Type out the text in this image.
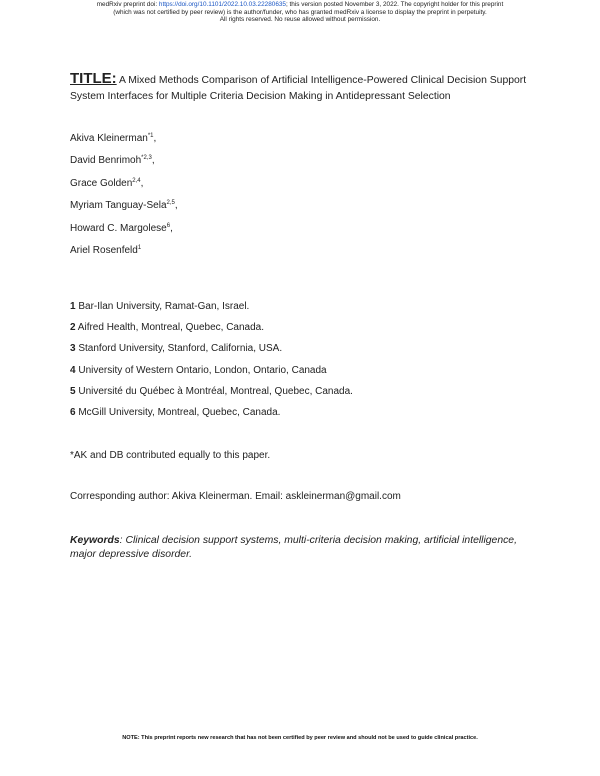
medRxiv preprint doi: https://doi.org/10.1101/2022.10.03.22280635; this version posted November 3, 2022. The copyright holder for this preprint
(which was not certified by peer review) is the author/funder, who has granted medRxiv a license to display the preprint in perpetuity.
All rights reserved. No reuse allowed without permission.
TITLE: A Mixed Methods Comparison of Artificial Intelligence-Powered Clinical Decision Support System Interfaces for Multiple Criteria Decision Making in Antidepressant Selection
Akiva Kleinerman$^{*1}$,
David Benrimoh$^{*2,3}$,
Grace Golden$^{2,4}$,
Myriam Tanguay-Sela$^{2,5}$,
Howard C. Margolese$^6$,
Ariel Rosenfeld$^1$
1 Bar-Ilan University, Ramat-Gan, Israel.
2 Aifred Health, Montreal, Quebec, Canada.
3 Stanford University, Stanford, California, USA.
4 University of Western Ontario, London, Ontario, Canada
5 Université du Québec à Montréal, Montreal, Quebec, Canada.
6 McGill University, Montreal, Quebec, Canada.
*AK and DB contributed equally to this paper.
Corresponding author: Akiva Kleinerman. Email: askleinerman@gmail.com
Keywords: Clinical decision support systems, multi-criteria decision making, artificial intelligence, major depressive disorder.
NOTE: This preprint reports new research that has not been certified by peer review and should not be used to guide clinical practice.
